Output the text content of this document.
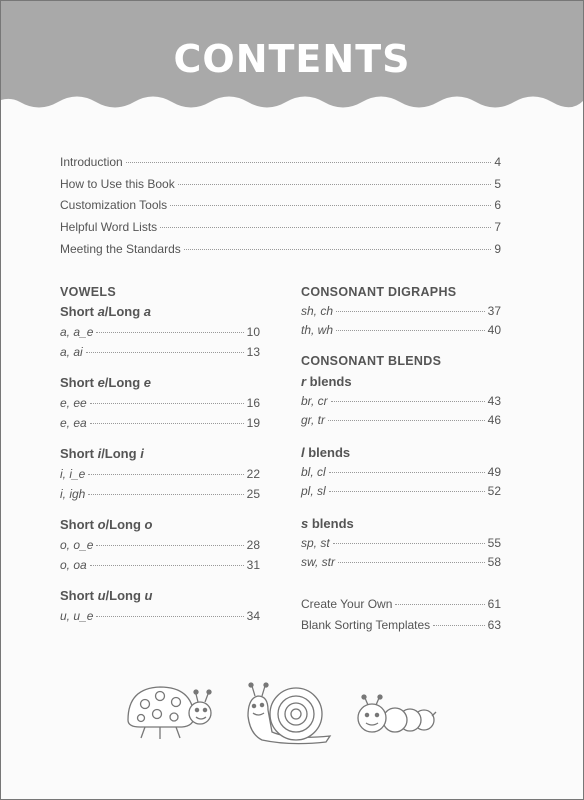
CONTENTS
Introduction	4
How to Use this Book	5
Customization Tools	6
Helpful Word Lists	7
Meeting the Standards	9
VOWELS
Short a/Long a
a, a_e	10
a, ai	13
Short e/Long e
e, ee	16
e, ea	19
Short i/Long i
i, i_e	22
i, igh	25
Short o/Long o
o, o_e	28
o, oa	31
Short u/Long u
u, u_e	34
CONSONANT DIGRAPHS
sh, ch	37
th, wh	40
CONSONANT BLENDS
r blends
br, cr	43
gr, tr	46
l blends
bl, cl	49
pl, sl	52
s blends
sp, st	55
sw, str	58
Create Your Own	61
Blank Sorting Templates	63
